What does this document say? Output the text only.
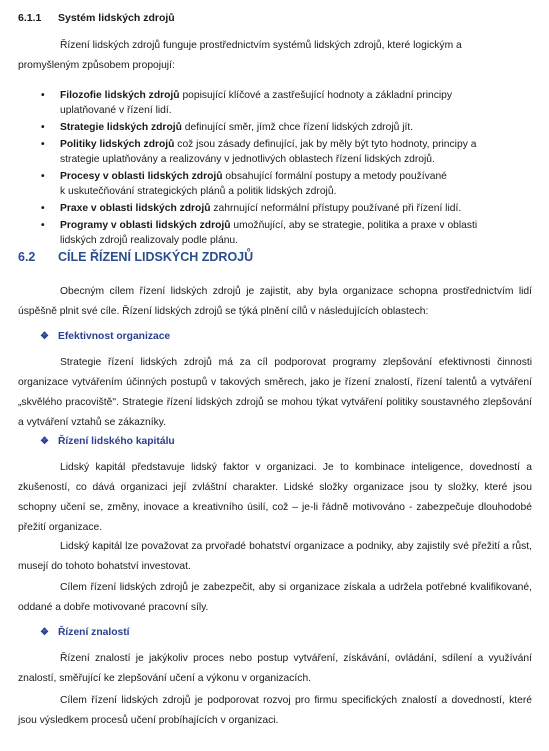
6.1.1 Systém lidských zdrojů

Řízení lidských zdrojů funguje prostřednictvím systémů lidských zdrojů, které logickým a

promyšleným způsobem propojují:

• Filozofie lidských zdrojů popisující klíčové a zastřešující hodnoty a základní principy
uplatňované v řízení lidí.
• Strategie lidských zdrojů definující směr, jímž chce řízení lidských zdrojů jít.
• Politiky lidských zdrojů což jsou zásady definující, jak by měly být tyto hodnoty, principy a
strategie uplatňovány a realizovány v jednotlivých oblastech řízení lidských zdrojů.
• Procesy v oblasti lidských zdrojů obsahující formální postupy a metody používané
k uskutečňování strategických plánů a politik lidských zdrojů.
• Praxe v oblasti lidských zdrojů zahrnující neformální přístupy používané při řízení lidí.
• Programy v oblasti lidských zdrojů umožňující, aby se strategie, politika a praxe v oblasti
lidských zdrojů realizovaly podle plánu.
6.2 CÍLE ŘÍZENÍ LIDSKÝCH ZDROJŮ

Obecným cílem řízení lidských zdrojů je zajistit, aby byla organizace schopna prostřednictvím lidí úspěšně plnit své cíle. Řízení lidských zdrojů se týká plnění cílů v následujících oblastech:

❖ Efektivnost organizace

Strategie řízení lidských zdrojů má za cíl podporovat programy zlepšování efektivnosti činnosti organizace vytvářením účinných postupů v takových směrech, jako je řízení znalostí, řízení talentů a vytváření „skvělého pracoviště". Strategie řízení lidských zdrojů se mohou týkat vytváření politiky soustavného zlepšování a vytváření vztahů se zákazníky.

❖ Řízení lidského kapitálu

Lidský kapitál představuje lidský faktor v organizaci. Je to kombinace inteligence, dovedností a zkušeností, co dává organizaci její zvláštní charakter. Lidské složky organizace jsou ty složky, které jsou schopny učení se, změny, inovace a kreativního úsilí, což – je-li řádně motivováno - zabezpečuje dlouhodobé přežití organizace.

Lidský kapitál lze považovat za prvořadé bohatství organizace a podniky, aby zajistily své přežití a růst, musejí do tohoto bohatství investovat.

Cílem řízení lidských zdrojů je zabezpečit, aby si organizace získala a udržela potřebné kvalifikované, oddané a dobře motivované pracovní síly.

❖ Řízení znalostí

Řízení znalostí je jakýkoliv proces nebo postup vytváření, získávání, ovládání, sdílení a využívání znalostí, směřující ke zlepšování učení a výkonu v organizacích.

Cílem řízení lidských zdrojů je podporovat rozvoj pro firmu specifických znalostí a dovedností, které jsou výsledkem procesů učení probíhajících v organizaci.
